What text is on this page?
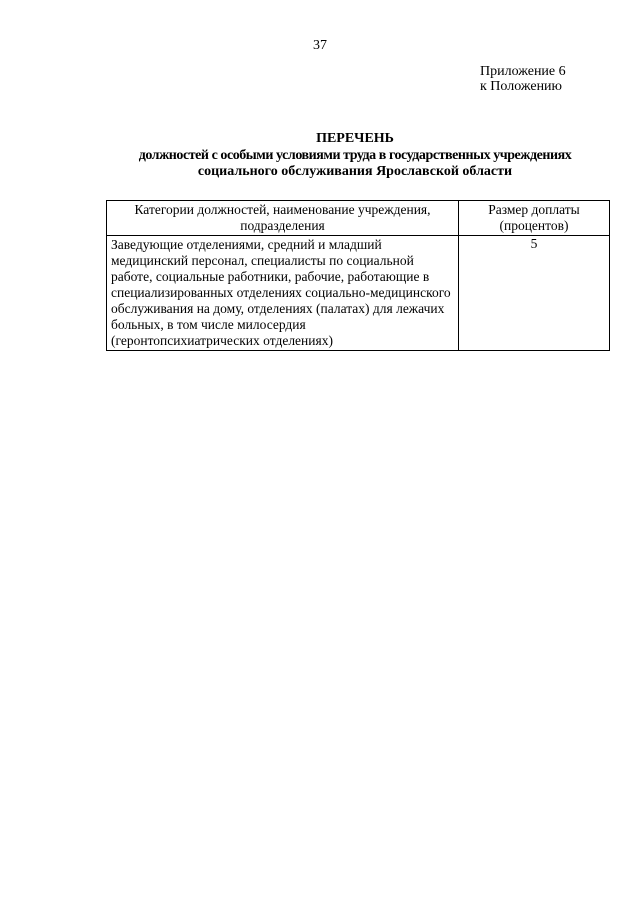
37
Приложение 6
к Положению
ПЕРЕЧЕНЬ
должностей с особыми условиями труда в государственных учреждениях
социального обслуживания Ярославской области
Категории должностей, наименование учреждения, подразделения	Размер доплаты (процентов)
Заведующие отделениями, средний и младший медицинский персонал, специалисты по социальной работе, социальные работники, рабочие, работающие в специализированных отделениях социально-медицинского обслуживания на дому, отделениях (палатах) для лежачих больных, в том числе милосердия (геронтопсихиатрических отделениях)	5
